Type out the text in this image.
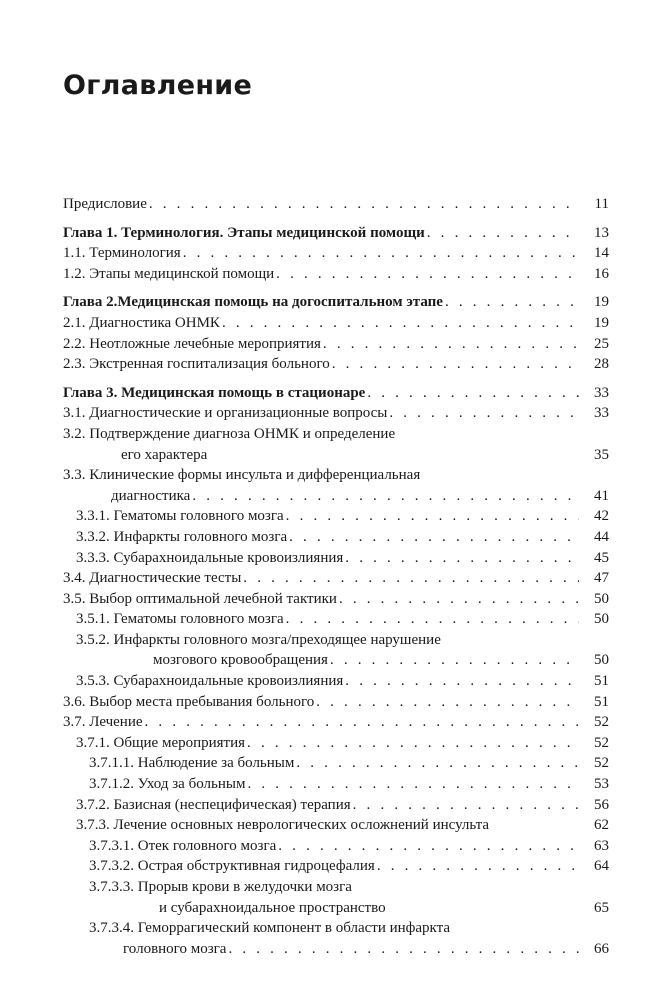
Оглавление
Предисловие . . .	11
Глава 1. Терминология. Этапы медицинской помощи . . .	13
1.1. Терминология . . .	14
1.2. Этапы медицинской помощи . . .	16
Глава 2.Медицинская помощь на догоспитальном этапе . . .	19
2.1. Диагностика ОНМК . . .	19
2.2. Неотложные лечебные мероприятия . . .	25
2.3. Экстренная госпитализация больного . . .	28
Глава 3. Медицинская помощь в стационаре . . .	33
3.1. Диагностические и организационные вопросы . . .	33
3.2. Подтверждение диагноза ОНМК и определение
его характера	35
3.3. Клинические формы инсульта и дифференциальная
диагностика . . .	41
3.3.1. Гематомы головного мозга . . .	42
3.3.2. Инфаркты головного мозга . . .	44
3.3.3. Субарахноидальные кровоизлияния . . .	45
3.4. Диагностические тесты . . .	47
3.5. Выбор оптимальной лечебной тактики . . .	50
3.5.1. Гематомы головного мозга . . .	50
3.5.2. Инфаркты головного мозга/преходящее нарушение
мозгового кровообращения . . .	50
3.5.3. Субарахноидальные кровоизлияния . . .	51
3.6. Выбор места пребывания больного . . .	51
3.7. Лечение . . .	52
3.7.1. Общие мероприятия . . .	52
3.7.1.1. Наблюдение за больным . . .	52
3.7.1.2. Уход за больным . . .	53
3.7.2. Базисная (неспецифическая) терапия . . .	56
3.7.3. Лечение основных неврологических осложнений инсульта	62
3.7.3.1. Отек головного мозга . . .	63
3.7.3.2. Острая обструктивная гидроцефалия . . .	64
3.7.3.3. Прорыв крови в желудочки мозга
и субарахноидальное пространство	65
3.7.3.4. Геморрагический компонент в области инфаркта
головного мозга . . .	66
